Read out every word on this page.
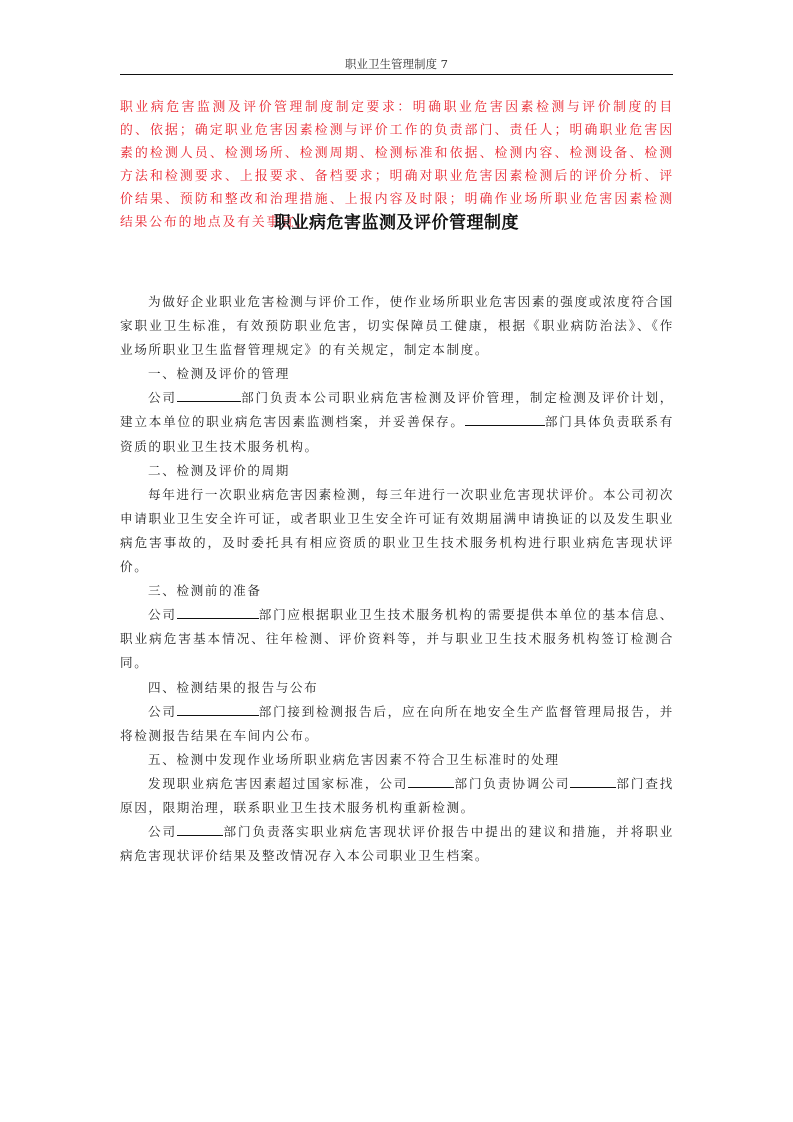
职业卫生管理制度 7
职业病危害监测及评价管理制度制定要求：明确职业危害因素检测与评价制度的目的、依据；确定职业危害因素检测与评价工作的负责部门、责任人；明确职业危害因素的检测人员、检测场所、检测周期、检测标准和依据、检测内容、检测设备、检测方法和检测要求、上报要求、备档要求；明确对职业危害因素检测后的评价分析、评价结果、预防和整改和治理措施、上报内容及时限；明确作业场所职业危害因素检测结果公布的地点及有关事宜。
职业病危害监测及评价管理制度

为做好企业职业危害检测与评价工作，使作业场所职业危害因素的强度或浓度符合国家职业卫生标准，有效预防职业危害，切实保障员工健康，根据《职业病防治法》、《作业场所职业卫生监督管理规定》的有关规定，制定本制度。

一、检测及评价的管理

公司	部门负责本公司职业病危害检测及评价管理，制定检测及评价计划，建立本单位的职业病危害因素监测档案，并妥善保存。	部门具体负责联系有资质的职业卫生技术服务机构。

二、检测及评价的周期

每年进行一次职业病危害因素检测，每三年进行一次职业危害现状评价。本公司初次申请职业卫生安全许可证，或者职业卫生安全许可证有效期届满申请换证的以及发生职业病危害事故的，及时委托具有相应资质的职业卫生技术服务机构进行职业病危害现状评价。

三、检测前的准备

公司	部门应根据职业卫生技术服务机构的需要提供本单位的基本信息、职业病危害基本情况、往年检测、评价资料等，并与职业卫生技术服务机构签订检测合同。

四、检测结果的报告与公布

公司	部门接到检测报告后，应在向所在地安全生产监督管理局报告，并将检测报告结果在车间内公布。

五、检测中发现作业场所职业病危害因素不符合卫生标准时的处理

发现职业病危害因素超过国家标准，公司	部门负责协调公司	部门查找原因，限期治理，联系职业卫生技术服务机构重新检测。

公司	部门负责落实职业病危害现状评价报告中提出的建议和措施，并将职业病危害现状评价结果及整改情况存入本公司职业卫生档案。
